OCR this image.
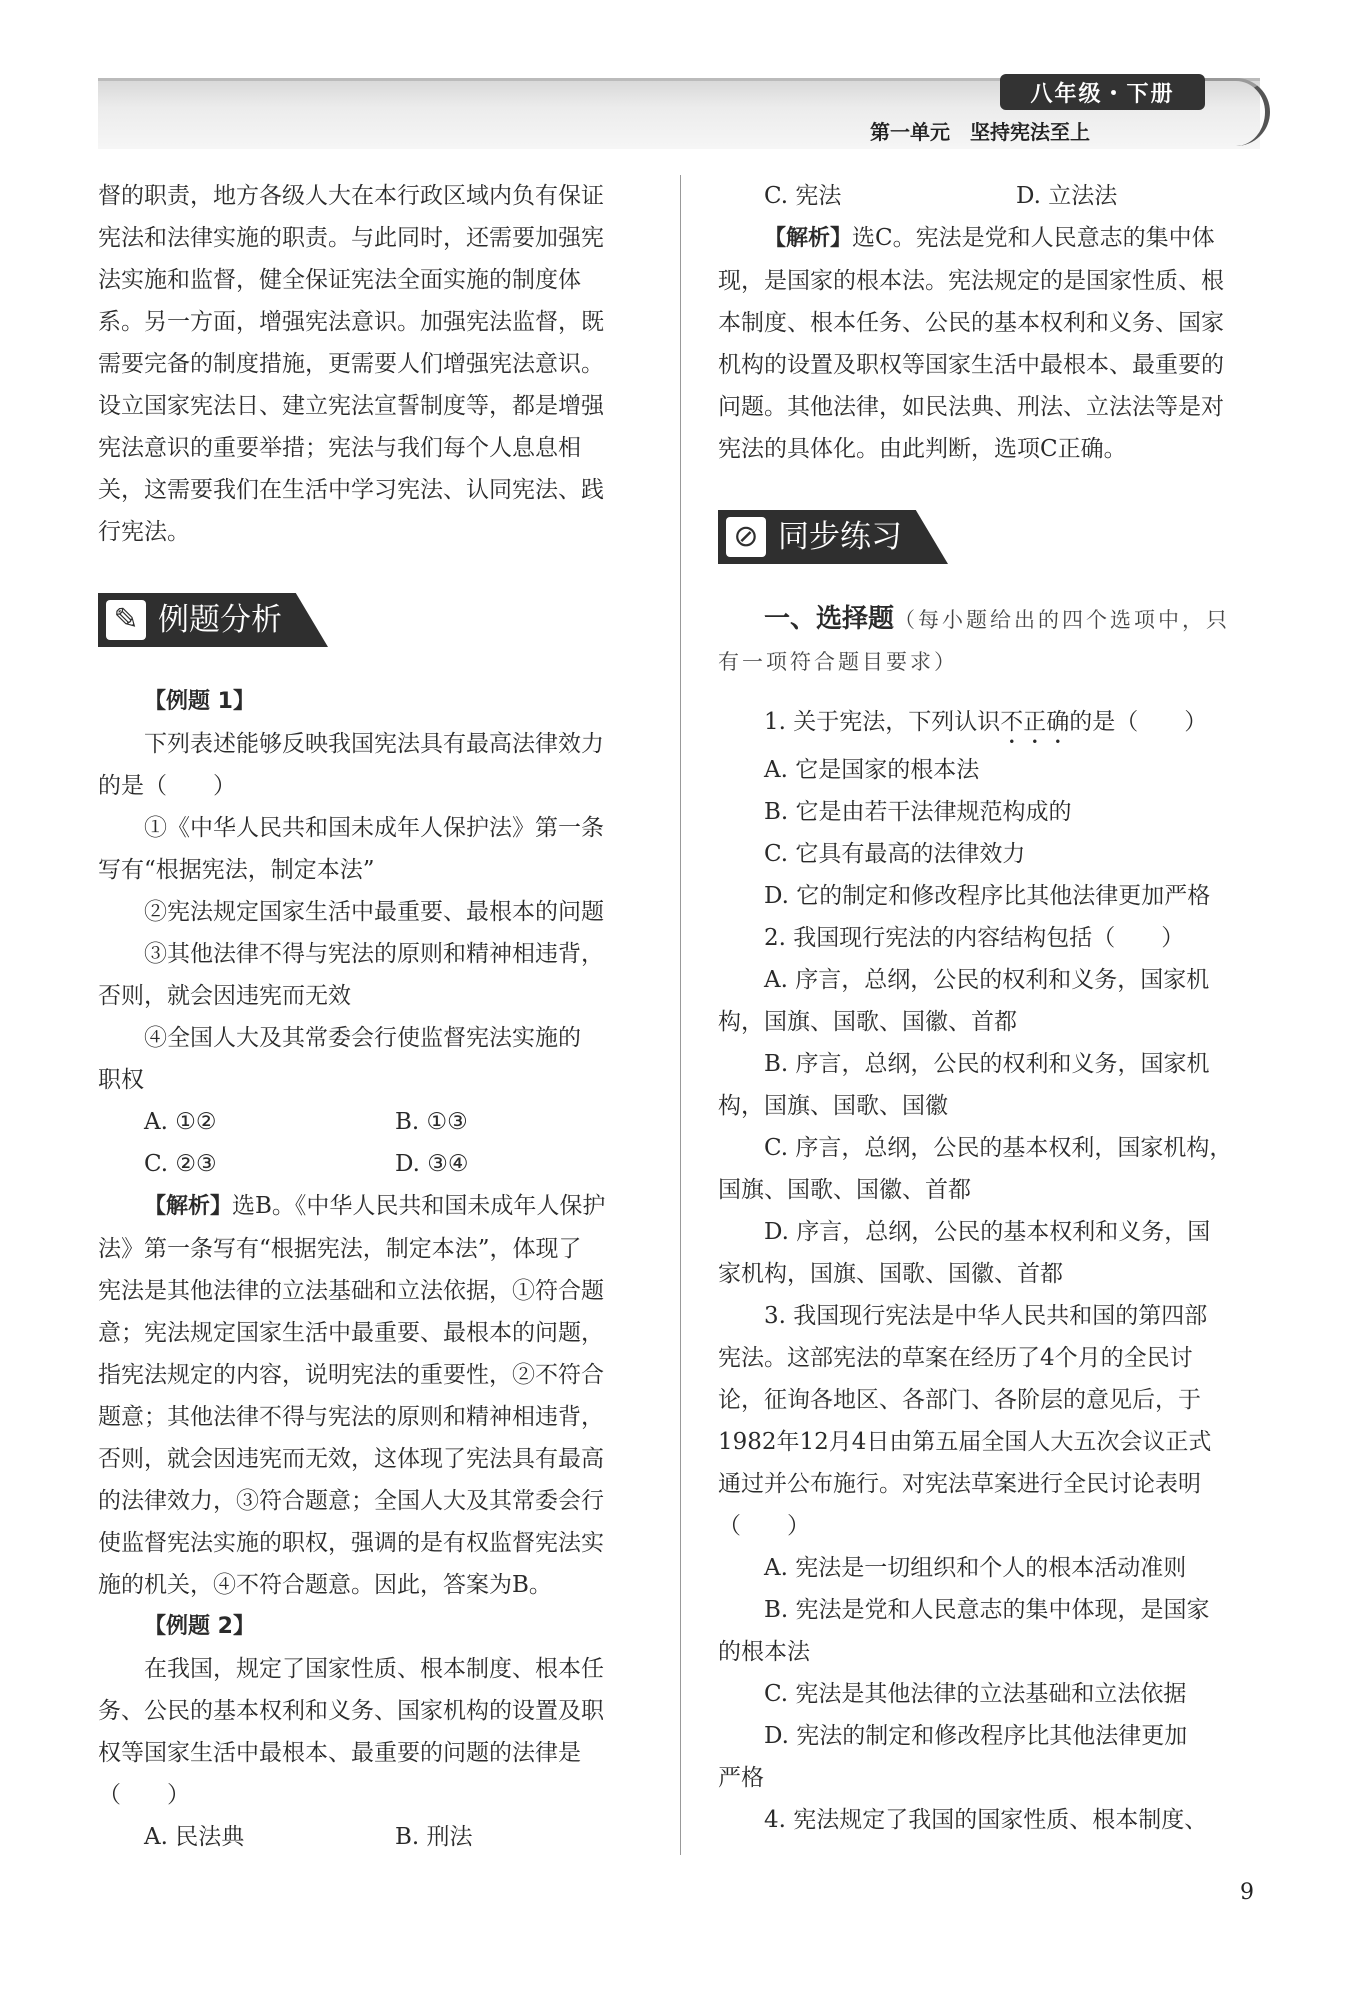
八年级・下册
第一单元　坚持宪法至上

督的职责，地方各级人大在本行政区域内负有保证

宪法和法律实施的职责。与此同时，还需要加强宪

法实施和监督，健全保证宪法全面实施的制度体

系。另一方面，增强宪法意识。加强宪法监督，既

需要完备的制度措施，更需要人们增强宪法意识。

设立国家宪法日、建立宪法宣誓制度等，都是增强

宪法意识的重要举措；宪法与我们每个人息息相

关，这需要我们在生活中学习宪法、认同宪法、践

行宪法。

✎ 例题分析

【例题 1】

下列表述能够反映我国宪法具有最高法律效力

的是（　　）

①《中华人民共和国未成年人保护法》第一条

写有“根据宪法，制定本法”

②宪法规定国家生活中最重要、最根本的问题

③其他法律不得与宪法的原则和精神相违背，

否则，就会因违宪而无效

④全国人大及其常委会行使监督宪法实施的

职权

A. ①②	B. ①③
C. ②③	D. ③④

【解析】选B。《中华人民共和国未成年人保护

法》第一条写有“根据宪法，制定本法”，体现了

宪法是其他法律的立法基础和立法依据，①符合题

意；宪法规定国家生活中最重要、最根本的问题，

指宪法规定的内容，说明宪法的重要性，②不符合

题意；其他法律不得与宪法的原则和精神相违背，

否则，就会因违宪而无效，这体现了宪法具有最高

的法律效力，③符合题意；全国人大及其常委会行

使监督宪法实施的职权，强调的是有权监督宪法实

施的机关，④不符合题意。因此，答案为B。

【例题 2】

在我国，规定了国家性质、根本制度、根本任

务、公民的基本权利和义务、国家机构的设置及职

权等国家生活中最根本、最重要的问题的法律是

（　　）

A. 民法典	B. 刑法
C. 宪法	D. 立法法

【解析】选C。宪法是党和人民意志的集中体

现，是国家的根本法。宪法规定的是国家性质、根

本制度、根本任务、公民的基本权利和义务、国家

机构的设置及职权等国家生活中最根本、最重要的

问题。其他法律，如民法典、刑法、立法法等是对

宪法的具体化。由此判断，选项C正确。

⊘ 同步练习

一、选择题（每小题给出的四个选项中，只

有一项符合题目要求）

1. 关于宪法，下列认识不正确的是（　　）

A. 它是国家的根本法

B. 它是由若干法律规范构成的

C. 它具有最高的法律效力

D. 它的制定和修改程序比其他法律更加严格

2. 我国现行宪法的内容结构包括（　　）

A. 序言，总纲，公民的权利和义务，国家机

构，国旗、国歌、国徽、首都

B. 序言，总纲，公民的权利和义务，国家机

构，国旗、国歌、国徽

C. 序言，总纲，公民的基本权利，国家机构，

国旗、国歌、国徽、首都

D. 序言，总纲，公民的基本权利和义务，国

家机构，国旗、国歌、国徽、首都

3. 我国现行宪法是中华人民共和国的第四部

宪法。这部宪法的草案在经历了4个月的全民讨

论，征询各地区、各部门、各阶层的意见后，于

1982年12月4日由第五届全国人大五次会议正式

通过并公布施行。对宪法草案进行全民讨论表明

（　　）

A. 宪法是一切组织和个人的根本活动准则

B. 宪法是党和人民意志的集中体现，是国家

的根本法

C. 宪法是其他法律的立法基础和立法依据

D. 宪法的制定和修改程序比其他法律更加

严格

4. 宪法规定了我国的国家性质、根本制度、

9
